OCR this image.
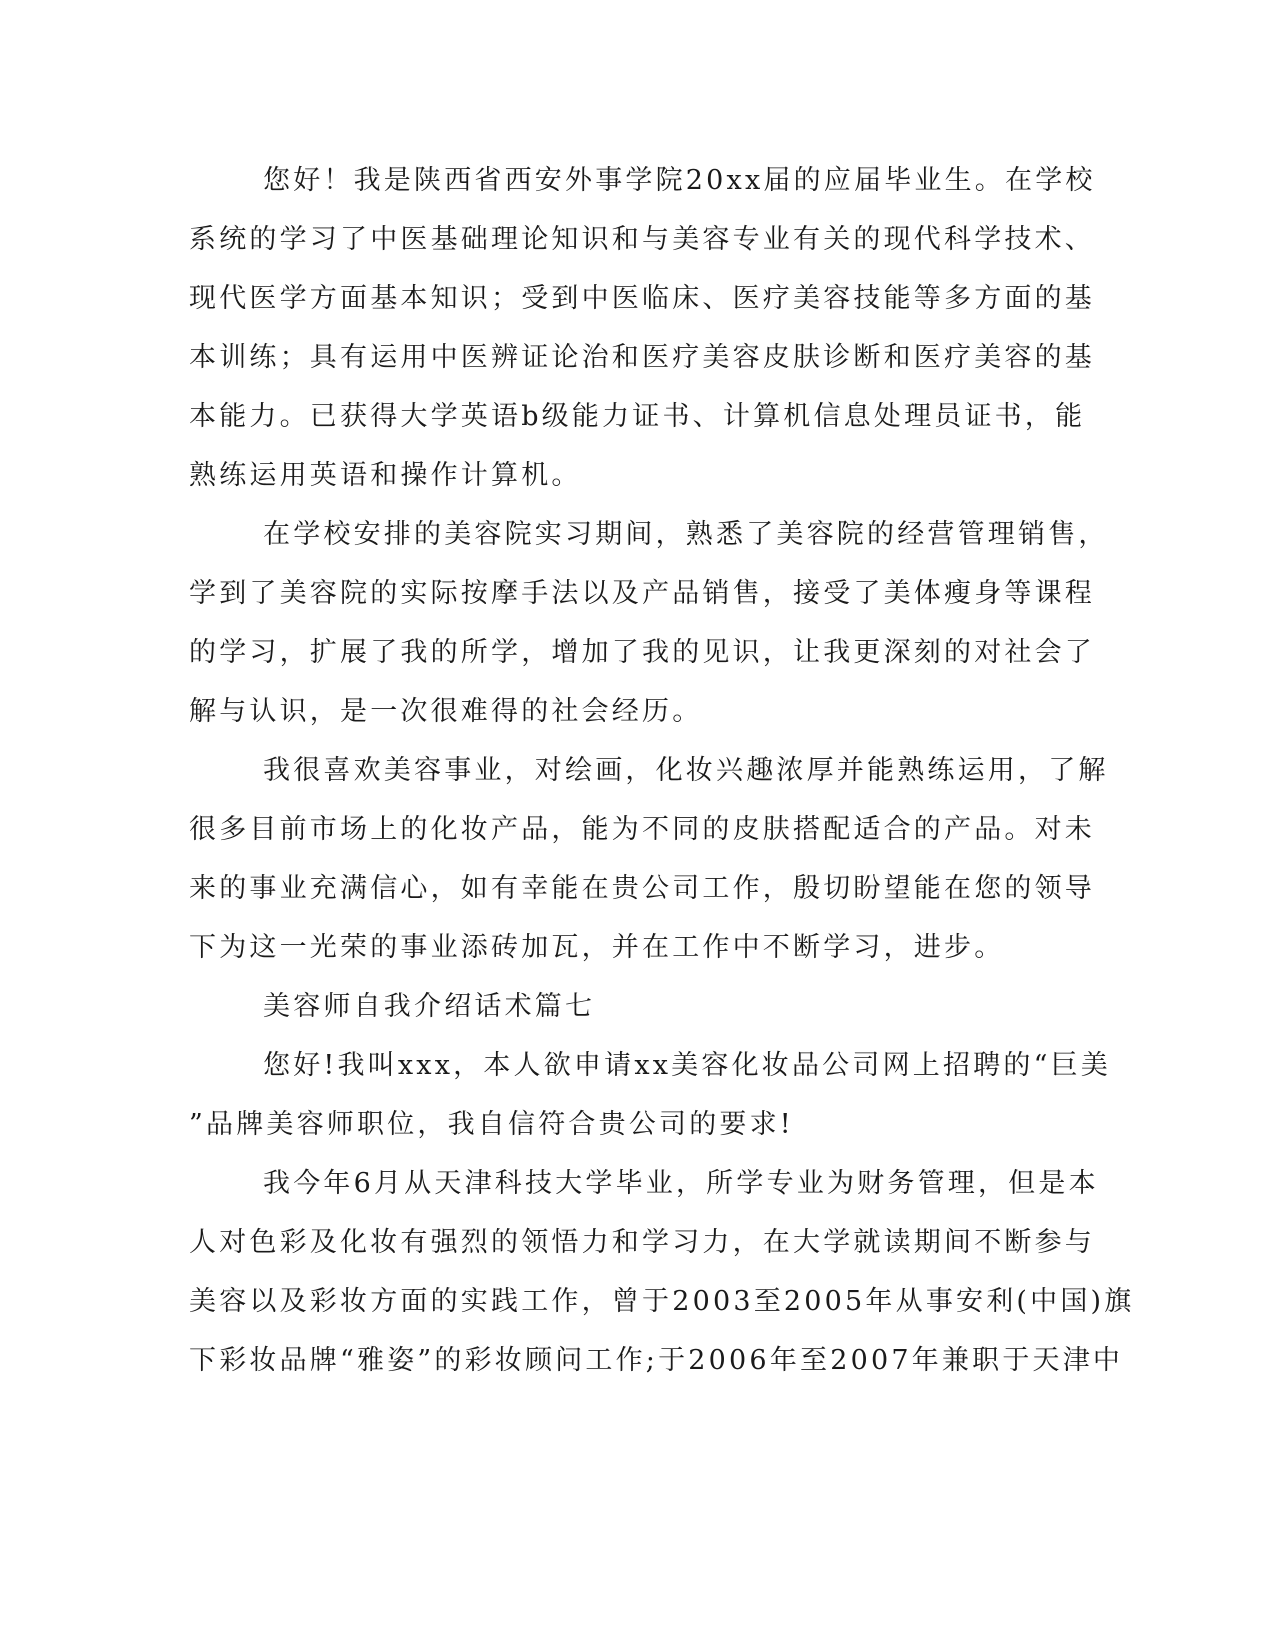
您好！我是陕西省西安外事学院20xx届的应届毕业生。在学校
系统的学习了中医基础理论知识和与美容专业有关的现代科学技术、
现代医学方面基本知识；受到中医临床、医疗美容技能等多方面的基
本训练；具有运用中医辨证论治和医疗美容皮肤诊断和医疗美容的基
本能力。已获得大学英语b级能力证书、计算机信息处理员证书，能
熟练运用英语和操作计算机。
在学校安排的美容院实习期间，熟悉了美容院的经营管理销售，
学到了美容院的实际按摩手法以及产品销售，接受了美体瘦身等课程
的学习，扩展了我的所学，增加了我的见识，让我更深刻的对社会了
解与认识，是一次很难得的社会经历。
我很喜欢美容事业，对绘画，化妆兴趣浓厚并能熟练运用，了解
很多目前市场上的化妆产品，能为不同的皮肤搭配适合的产品。对未
来的事业充满信心，如有幸能在贵公司工作，殷切盼望能在您的领导
下为这一光荣的事业添砖加瓦，并在工作中不断学习，进步。
美容师自我介绍话术篇七
您好!我叫xxx，本人欲申请xx美容化妆品公司网上招聘的“巨美
”品牌美容师职位，我自信符合贵公司的要求!
我今年6月从天津科技大学毕业，所学专业为财务管理，但是本
人对色彩及化妆有强烈的领悟力和学习力，在大学就读期间不断参与
美容以及彩妆方面的实践工作，曾于2003至2005年从事安利(中国)旗
下彩妆品牌“雅姿”的彩妆顾问工作;于2006年至2007年兼职于天津中
